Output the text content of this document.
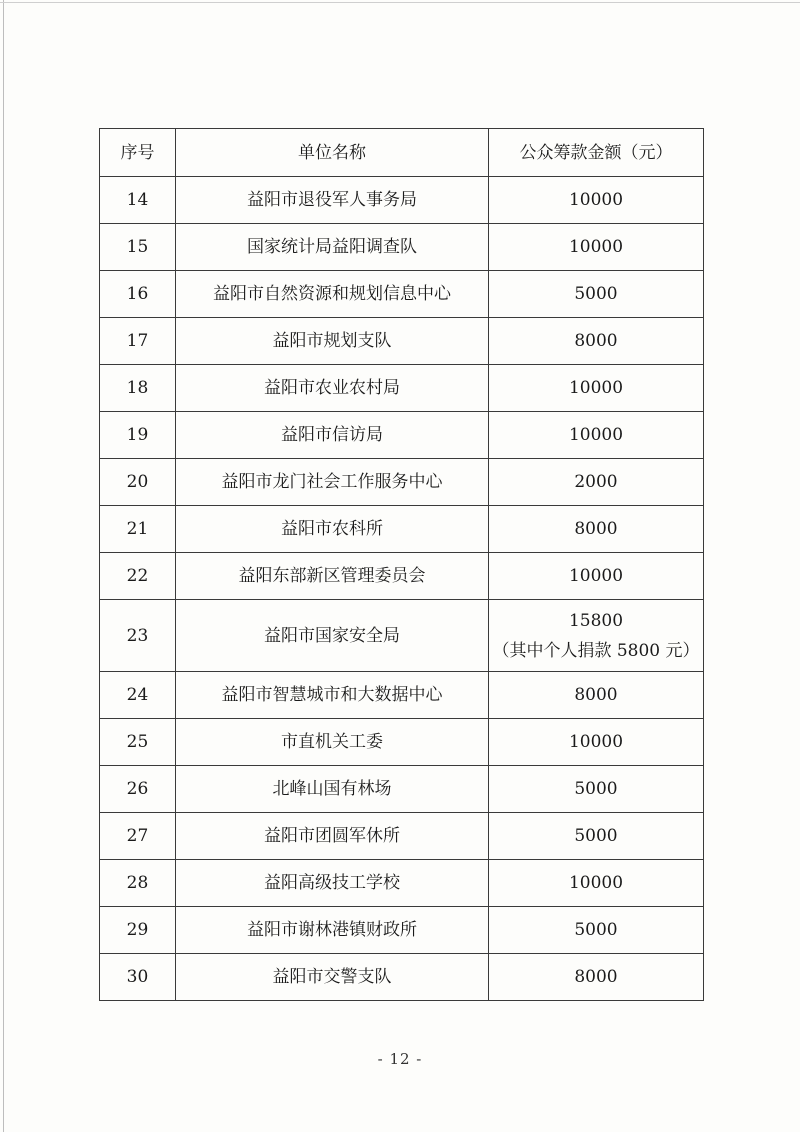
序号	单位名称	公众筹款金额（元）
14	益阳市退役军人事务局	10000

15	国家统计局益阳调查队	10000

16	益阳市自然资源和规划信息中心	5000

17	益阳市规划支队	8000

18	益阳市农业农村局	10000

19	益阳市信访局	10000

20	益阳市龙门社会工作服务中心	2000

21	益阳市农科所	8000

22	益阳东部新区管理委员会	10000

23	益阳市国家安全局	15800
（其中个人捐款 5800 元）

24	益阳市智慧城市和大数据中心	8000

25	市直机关工委	10000

26	北峰山国有林场	5000

27	益阳市团圆军休所	5000

28	益阳高级技工学校	10000

29	益阳市谢林港镇财政所	5000

30	益阳市交警支队	8000
- 12 -
